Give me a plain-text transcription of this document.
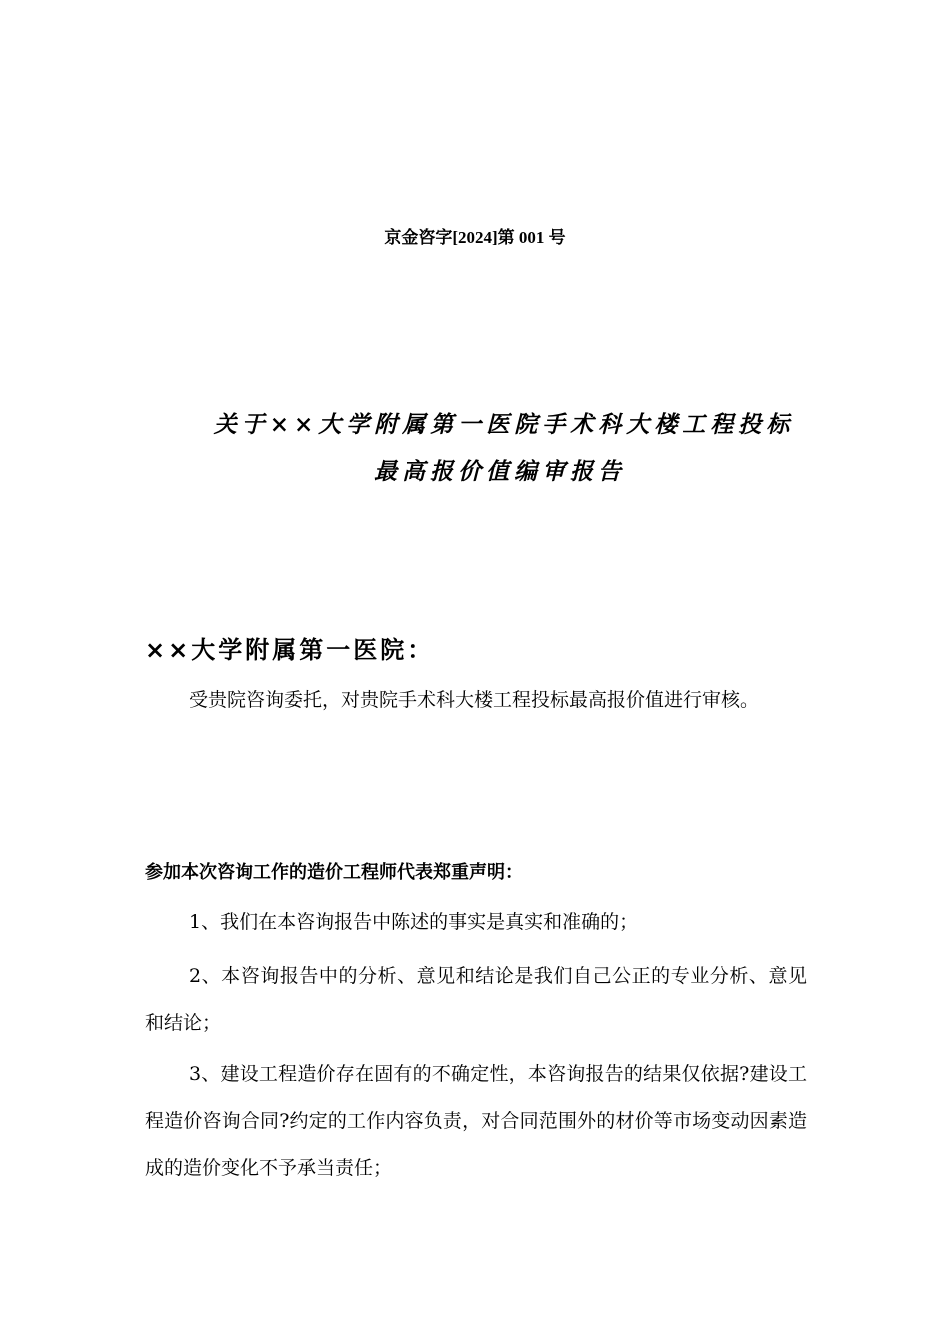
京金咨字[2024]第 001 号
关于××大学附属第一医院手术科大楼工程投标
最高报价值编审报告
××大学附属第一医院：

受贵院咨询委托，对贵院手术科大楼工程投标最高报价值进行审核。

参加本次咨询工作的造价工程师代表郑重声明：

1、我们在本咨询报告中陈述的事实是真实和准确的；

2、本咨询报告中的分析、意见和结论是我们自己公正的专业分析、意见和结论；

3、建设工程造价存在固有的不确定性，本咨询报告的结果仅依据?建设工程造价咨询合同?约定的工作内容负责，对合同范围外的材价等市场变动因素造成的造价变化不予承当责任；
